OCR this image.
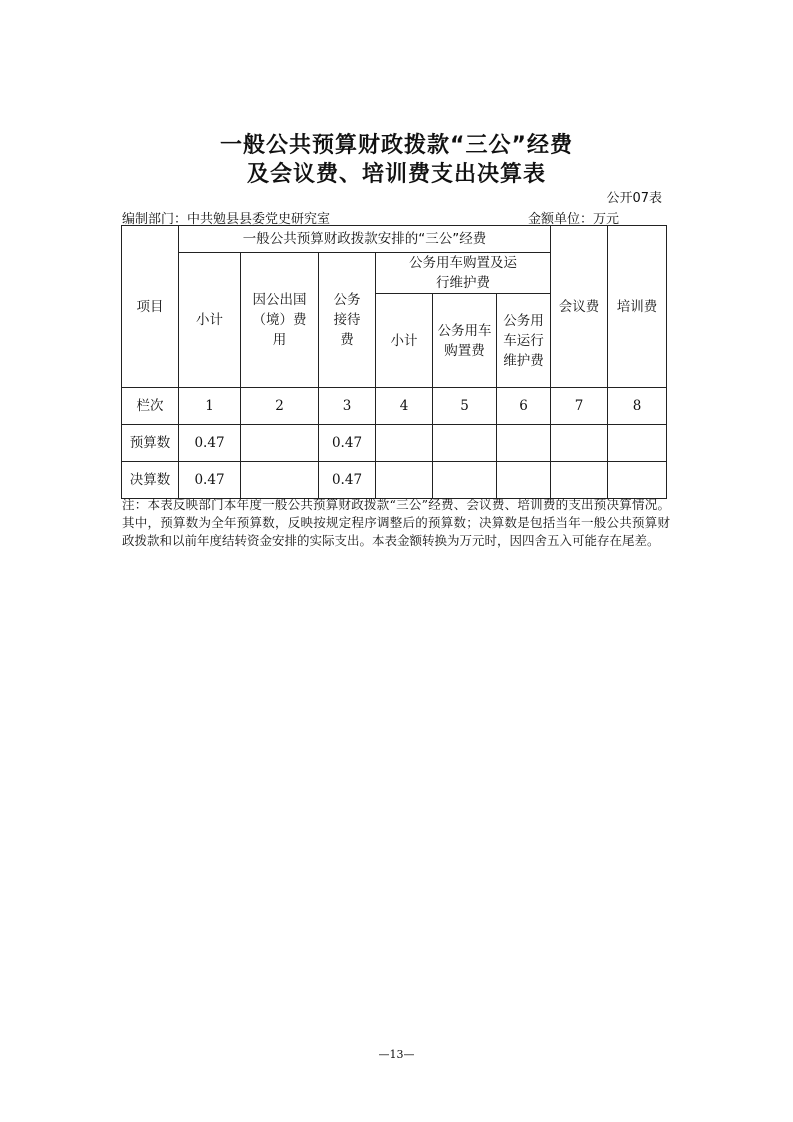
一般公共预算财政拨款“三公”经费
及会议费、培训费支出决算表
公开07表
编制部门：中共勉县县委党史研究室	金额单位：万元
项目	一般公共预算财政拨款安排的“三公”经费						会议费	培训费
	小计	因公出国（境）费用	公务接待费	公务用车购置及运行维护费				
				小计	公务用车购置费	公务用车运行维护费		
栏次	1	2	3	4	5	6	7	8
预算数	0.47		0.47					
决算数	0.47		0.47					
注：本表反映部门本年度一般公共预算财政拨款“三公”经费、会议费、培训费的支出预决算情况。其中，预算数为全年预算数，反映按规定程序调整后的预算数；决算数是包括当年一般公共预算财政拨款和以前年度结转资金安排的实际支出。本表金额转换为万元时，因四舍五入可能存在尾差。
—13—
